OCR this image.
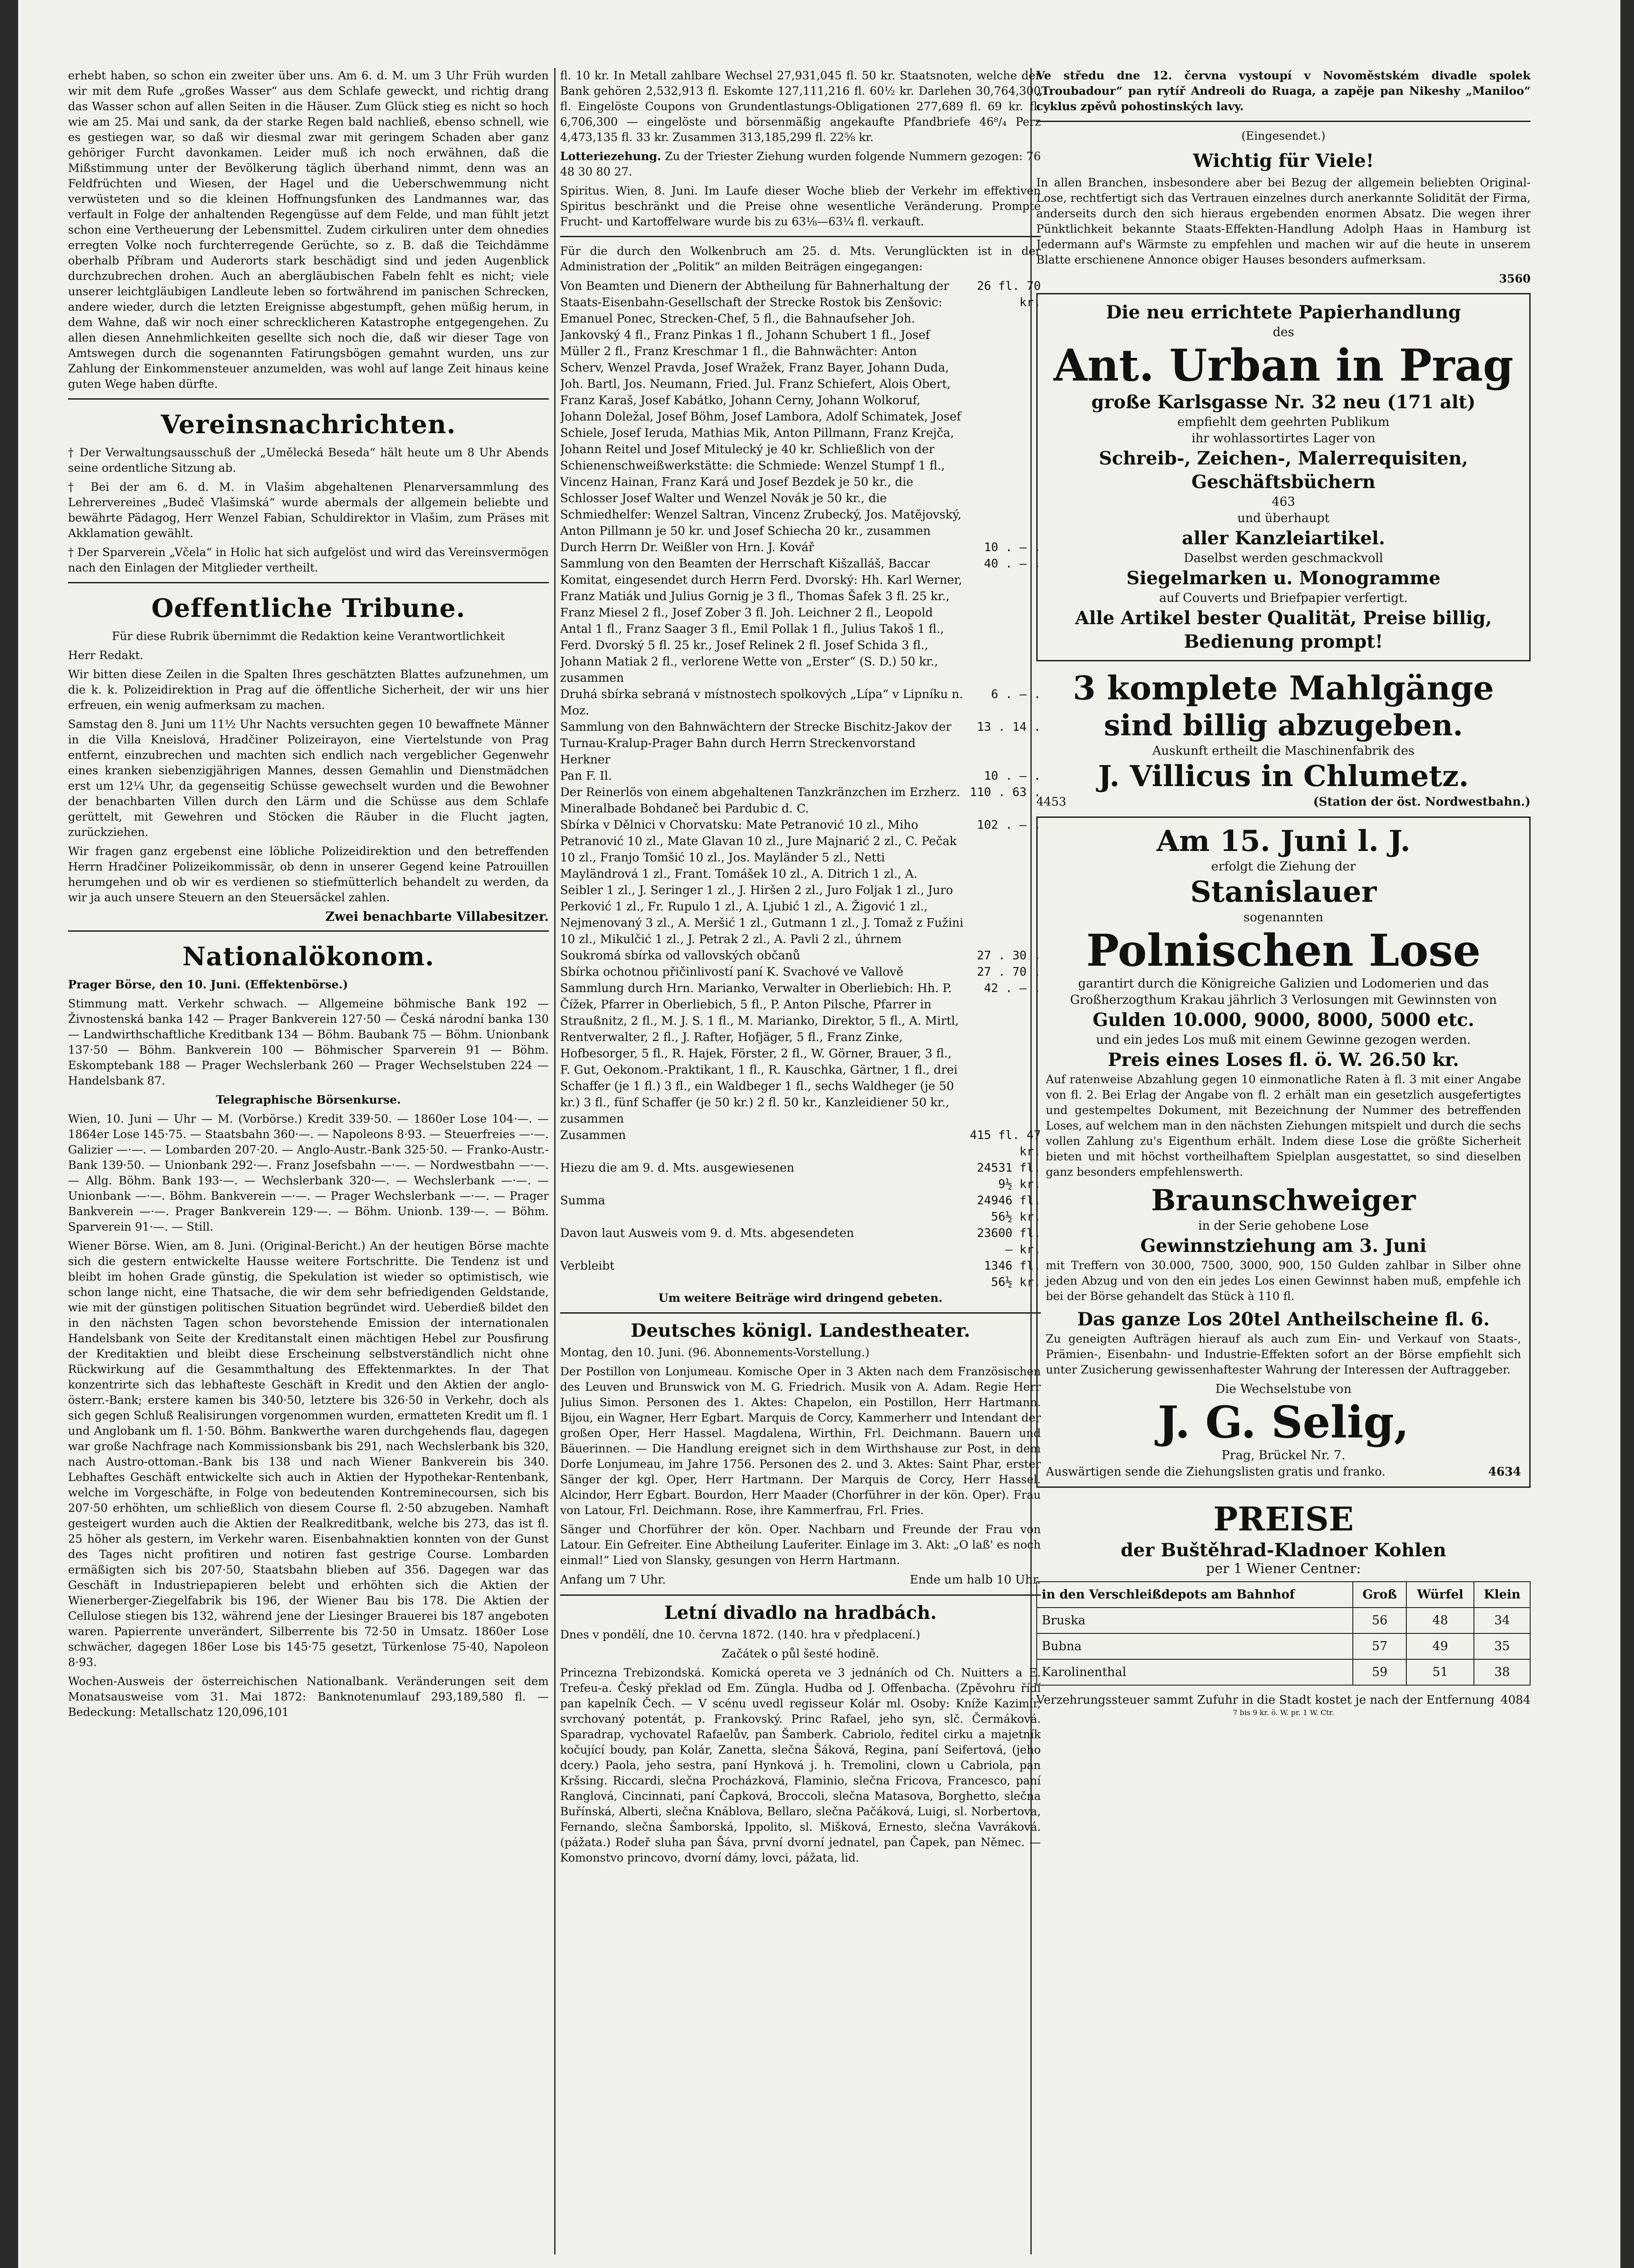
erhebt haben, so schon ein zweiter über uns. Am 6. d. M. um 3 Uhr Früh wurden wir mit dem Rufe „großes Wasser“ aus dem Schlafe geweckt, und richtig drang das Wasser schon auf allen Seiten in die Häuser. Zum Glück stieg es nicht so hoch wie am 25. Mai und sank, da der starke Regen bald nachließ, ebenso schnell, wie es gestiegen war, so daß wir diesmal zwar mit geringem Schaden aber ganz gehöriger Furcht davonkamen. Leider muß ich noch erwähnen, daß die Mißstimmung unter der Bevölkerung täglich überhand nimmt, denn was an Feldfrüchten und Wiesen, der Hagel und die Ueberschwemmung nicht verwüsteten und so die kleinen Hoffnungsfunken des Landmannes war, das verfault in Folge der anhaltenden Regengüsse auf dem Felde, und man fühlt jetzt schon eine Vertheuerung der Lebensmittel. Zudem cirkuliren unter dem ohnedies erregten Volke noch furchterregende Gerüchte, so z. B. daß die Teichdämme oberhalb Příbram und Auderorts stark beschädigt sind und jeden Augenblick durchzubrechen drohen. Auch an abergläubischen Fabeln fehlt es nicht; viele unserer leichtgläubigen Landleute leben so fortwährend im panischen Schrecken, andere wieder, durch die letzten Ereignisse abgestumpft, gehen müßig herum, in dem Wahne, daß wir noch einer schrecklicheren Katastrophe entgegengehen. Zu allen diesen Annehmlichkeiten gesellte sich noch die, daß wir dieser Tage von Amtswegen durch die sogenannten Fatirungsbögen gemahnt wurden, uns zur Zahlung der Einkommensteuer anzumelden, was wohl auf lange Zeit hinaus keine guten Wege haben dürfte.

Vereinsnachrichten.

† Der Verwaltungsausschuß der „Umělecká Beseda“ hält heute um 8 Uhr Abends seine ordentliche Sitzung ab.

† Bei der am 6. d. M. in Vlašim abgehaltenen Plenarversammlung des Lehrervereines „Budeč Vlašimská“ wurde abermals der allgemein beliebte und bewährte Pädagog, Herr Wenzel Fabian, Schuldirektor in Vlašim, zum Präses mit Akklamation gewählt.

† Der Sparverein „Včela“ in Holic hat sich aufgelöst und wird das Vereinsvermögen nach den Einlagen der Mitglieder vertheilt.

Oeffentliche Tribune.

Für diese Rubrik übernimmt die Redaktion keine Verantwortlichkeit

Herr Redakt.

Wir bitten diese Zeilen in die Spalten Ihres geschätzten Blattes aufzunehmen, um die k. k. Polizeidirektion in Prag auf die öffentliche Sicherheit, der wir uns hier erfreuen, ein wenig aufmerksam zu machen.

Samstag den 8. Juni um 11½ Uhr Nachts versuchten gegen 10 bewaffnete Männer in die Villa Kneislová, Hradčiner Polizeirayon, eine Viertelstunde von Prag entfernt, einzubrechen und machten sich endlich nach vergeblicher Gegenwehr eines kranken siebenzigjährigen Mannes, dessen Gemahlin und Dienstmädchen erst um 12¼ Uhr, da gegenseitig Schüsse gewechselt wurden und die Bewohner der benachbarten Villen durch den Lärm und die Schüsse aus dem Schlafe gerüttelt, mit Gewehren und Stöcken die Räuber in die Flucht jagten, zurückziehen.

Wir fragen ganz ergebenst eine löbliche Polizeidirektion und den betreffenden Herrn Hradčiner Polizeikommissär, ob denn in unserer Gegend keine Patrouillen herumgehen und ob wir es verdienen so stiefmütterlich behandelt zu werden, da wir ja auch unsere Steuern an den Steuersäckel zahlen.

Zwei benachbarte Villabesitzer.
Nationalökonom.

Prager Börse, den 10. Juni. (Effektenbörse.)

Stimmung matt. Verkehr schwach. — Allgemeine böhmische Bank 192 — Živnostenská banka 142 — Prager Bankverein 127·50 — Česká národní banka 130 — Landwirthschaftliche Kreditbank 134 — Böhm. Baubank 75 — Böhm. Unionbank 137·50 — Böhm. Bankverein 100 — Böhmischer Sparverein 91 — Böhm. Eskomptebank 188 — Prager Wechslerbank 260 — Prager Wechselstuben 224 — Handelsbank 87.

Telegraphische Börsenkurse.

Wien, 10. Juni — Uhr — M. (Vorbörse.) Kredit 339·50. — 1860er Lose 104·—. — 1864er Lose 145·75. — Staatsbahn 360·—. — Napoleons 8·93. — Steuerfreies —·—. Galizier —·—. — Lombarden 207·20. — Anglo-Austr.-Bank 325·50. — Franko-Austr.-Bank 139·50. — Unionbank 292·—. Franz Josefsbahn —·—. — Nordwestbahn —·—. — Allg. Böhm. Bank 193·—. — Wechslerbank 320·—. — Wechslerbank —·—. — Unionbank —·—. Böhm. Bankverein —·—. — Prager Wechslerbank —·—. — Prager Bankverein —·—. Prager Bankverein 129·—. — Böhm. Unionb. 139·—. — Böhm. Sparverein 91·—. — Still.

Wiener Börse. Wien, am 8. Juni. (Original-Bericht.) An der heutigen Börse machte sich die gestern entwickelte Hausse weitere Fortschritte. Die Tendenz ist und bleibt im hohen Grade günstig, die Spekulation ist wieder so optimistisch, wie schon lange nicht, eine Thatsache, die wir dem sehr befriedigenden Geldstande, wie mit der günstigen politischen Situation begründet wird. Ueberdieß bildet den in den nächsten Tagen schon bevorstehende Emission der internationalen Handelsbank von Seite der Kreditanstalt einen mächtigen Hebel zur Pousfirung der Kreditaktien und bleibt diese Erscheinung selbstverständlich nicht ohne Rückwirkung auf die Gesammthaltung des Effektenmarktes. In der That konzentrirte sich das lebhafteste Geschäft in Kredit und den Aktien der anglo-österr.-Bank; erstere kamen bis 340·50, letztere bis 326·50 in Verkehr, doch als sich gegen Schluß Realisirungen vorgenommen wurden, ermatteten Kredit um fl. 1 und Anglobank um fl. 1·50. Böhm. Bankwerthe waren durchgehends flau, dagegen war große Nachfrage nach Kommissionsbank bis 291, nach Wechslerbank bis 320, nach Austro-ottoman.-Bank bis 138 und nach Wiener Bankverein bis 340. Lebhaftes Geschäft entwickelte sich auch in Aktien der Hypothekar-Rentenbank, welche im Vorgeschäfte, in Folge von bedeutenden Kontreminecoursen, sich bis 207·50 erhöhten, um schließlich von diesem Course fl. 2·50 abzugeben. Namhaft gesteigert wurden auch die Aktien der Realkreditbank, welche bis 273, das ist fl. 25 höher als gestern, im Verkehr waren. Eisenbahnaktien konnten von der Gunst des Tages nicht profitiren und notiren fast gestrige Course. Lombarden ermäßigten sich bis 207·50, Staatsbahn blieben auf 356. Dagegen war das Geschäft in Industriepapieren belebt und erhöhten sich die Aktien der Wienerberger-Ziegelfabrik bis 196, der Wiener Bau bis 178. Die Aktien der Cellulose stiegen bis 132, während jene der Liesinger Brauerei bis 187 angeboten waren. Papierrente unverändert, Silberrente bis 72·50 in Umsatz. 1860er Lose schwächer, dagegen 186er Lose bis 145·75 gesetzt, Türkenlose 75·40, Napoleon 8·93.

Wochen-Ausweis der österreichischen Nationalbank. Veränderungen seit dem Monatsausweise vom 31. Mai 1872: Banknotenumlauf 293,189,580 fl. — Bedeckung: Metallschatz 120,096,101

fl. 10 kr. In Metall zahlbare Wechsel 27,931,045 fl. 50 kr. Staatsnoten, welche der Bank gehören 2,532,913 fl. Eskomte 127,111,216 fl. 60½ kr. Darlehen 30,764,300 fl. Eingelöste Coupons von Grundentlastungs-Obligationen 277,689 fl. 69 kr. fl. 6,706,300 — eingelöste und börsenmäßig angekaufte Pfandbriefe 46⁸/₄ Perz 4,473,135 fl. 33 kr. Zusammen 313,185,299 fl. 22⅝ kr.

Lotteriezehung. Zu der Triester Ziehung wurden folgende Nummern gezogen: 76 48 30 80 27.

Spiritus. Wien, 8. Juni. Im Laufe dieser Woche blieb der Verkehr im effektiven Spiritus beschränkt und die Preise ohne wesentliche Veränderung. Prompte Frucht- und Kartoffelware wurde bis zu 63⅛—63¼ fl. verkauft.

Für die durch den Wolkenbruch am 25. d. Mts. Verunglückten ist in der Administration der „Politik“ an milden Beiträgen eingegangen:

Von Beamten und Dienern der Abtheilung für Bahnerhaltung der Staats-Eisenbahn-Gesellschaft der Strecke Rostok bis Zenšovic: Emanuel Ponec, Strecken-Chef, 5 fl., die Bahnaufseher Joh. Jankovský 4 fl., Franz Pinkas 1 fl., Johann Schubert 1 fl., Josef Müller 2 fl., Franz Kreschmar 1 fl., die Bahnwächter: Anton Scherv, Wenzel Pravda, Josef Wražek, Franz Bayer, Johann Duda, Joh. Bartl, Jos. Neumann, Fried. Jul. Franz Schiefert, Alois Obert, Franz Karaš, Josef Kabátko, Johann Cerny, Johann Wolkoruf, Johann Doležal, Josef Böhm, Josef Lambora, Adolf Schimatek, Josef Schiele, Josef Ieruda, Mathias Mik, Anton Pillmann, Franz Krejča, Johann Reitel und Josef Mitulecký je 40 kr. Schließlich von der Schienenschweißwerkstätte: die Schmiede: Wenzel Stumpf 1 fl., Vincenz Hainan, Franz Kará und Josef Bezdek je 50 kr., die Schlosser Josef Walter und Wenzel Novák je 50 kr., die Schmiedhelfer: Wenzel Saltran, Vincenz Zrubecký, Jos. Matějovský, Anton Pillmann je 50 kr. und Josef Schiecha 20 kr., zusammen
26 fl. 70 kr.
Durch Herrn Dr. Weißler von Hrn. J. Kovář	10 . — .
Sammlung von den Beamten der Herrschaft Kišzalláš, Baccar Komitat, eingesendet durch Herrn Ferd. Dvorský: Hh. Karl Werner, Franz Matiák und Julius Gornig je 3 fl., Thomas Šafek 3 fl. 25 kr., Franz Miesel 2 fl., Josef Zober 3 fl. Joh. Leichner 2 fl., Leopold Antal 1 fl., Franz Saager 3 fl., Emil Pollak 1 fl., Julius Takoš 1 fl., Ferd. Dvorský 5 fl. 25 kr., Josef Relinek 2 fl. Josef Schida 3 fl., Johann Matiak 2 fl., verlorene Wette von „Erster“ (S. D.) 50 kr., zusammen
40 . — .
Druhá sbírka sebraná v místnostech spolkových „Lípa“ v Lipníku n. Moz.
6 . — .
Sammlung von den Bahnwächtern der Strecke Bischitz-Jakov der Turnau-Kralup-Prager Bahn durch Herrn Streckenvorstand Herkner
13 . 14 .
Pan F. Il.	10 . — .
Der Reinerlös von einem abgehaltenen Tanzkränzchen im Erzherz. Mineralbade Bohdaneč bei Pardubic d. C.
110 . 63 .
Sbírka v Dělnici v Chorvatsku: Mate Petranović 10 zl., Miho Petranović 10 zl., Mate Glavan 10 zl., Jure Majnarić 2 zl., C. Pečak 10 zl., Franjo Tomšić 10 zl., Jos. Mayländer 5 zl., Netti Mayländrová 1 zl., Frant. Tomášek 10 zl., A. Ditrich 1 zl., A. Seibler 1 zl., J. Seringer 1 zl., J. Hiršen 2 zl., Juro Foljak 1 zl., Juro Perković 1 zl., Fr. Rupulo 1 zl., A. Ljubić 1 zl., A. Žigović 1 zl., Nejmenovaný 3 zl., A. Meršić 1 zl., Gutmann 1 zl., J. Tomaž z Fužini 10 zl., Mikulčić 1 zl., J. Petrak 2 zl., A. Pavli 2 zl., úhrnem
102 . — .
Soukromá sbírka od vallovských občanů	27 . 30 .
Sbírka ochotnou přičinlivostí paní K. Svachové ve Vallově	27 . 70 .
Sammlung durch Hrn. Marianko, Verwalter in Oberliebich: Hh. P. Čížek, Pfarrer in Oberliebich, 5 fl., P. Anton Pilsche, Pfarrer in Straußnitz, 2 fl., M. J. S. 1 fl., M. Marianko, Direktor, 5 fl., A. Mirtl, Rentverwalter, 2 fl., J. Rafter, Hofjäger, 5 fl., Franz Zinke, Hofbesorger, 5 fl., R. Hajek, Förster, 2 fl., W. Görner, Brauer, 3 fl., F. Gut, Oekonom.-Praktikant, 1 fl., R. Kauschka, Gärtner, 1 fl., drei Schaffer (je 1 fl.) 3 fl., ein Waldbeger 1 fl., sechs Waldheger (je 50 kr.) 3 fl., fünf Schaffer (je 50 kr.) 2 fl. 50 kr., Kanzleidiener 50 kr., zusammen
42 . — .
Zusammen	415 fl. 47 kr.
Hiezu die am 9. d. Mts. ausgewiesenen	24531 fl. 9½ kr.
Summa	24946 fl. 56½ kr.
Davon laut Ausweis vom 9. d. Mts. abgesendeten	23600 fl. — kr.
Verbleibt	1346 fl. 56½ kr.

Um weitere Beiträge wird dringend gebeten.

Deutsches königl. Landestheater.

Montag, den 10. Juni. (96. Abonnements-Vorstellung.)

Der Postillon von Lonjumeau. Komische Oper in 3 Akten nach dem Französischen des Leuven und Brunswick von M. G. Friedrich. Musik von A. Adam. Regie Herr Julius Simon. Personen des 1. Aktes: Chapelon, ein Postillon, Herr Hartmann. Bijou, ein Wagner, Herr Egbart. Marquis de Corcy, Kammerherr und Intendant der großen Oper, Herr Hassel. Magdalena, Wirthin, Frl. Deichmann. Bauern und Bäuerinnen. — Die Handlung ereignet sich in dem Wirthshause zur Post, in dem Dorfe Lonjumeau, im Jahre 1756. Personen des 2. und 3. Aktes: Saint Phar, erster Sänger der kgl. Oper, Herr Hartmann. Der Marquis de Corcy, Herr Hassel. Alcindor, Herr Egbart. Bourdon, Herr Maader (Chorführer in der kön. Oper). Frau von Latour, Frl. Deichmann. Rose, ihre Kammerfrau, Frl. Fries.

Sänger und Chorführer der kön. Oper. Nachbarn und Freunde der Frau von Latour. Ein Gefreiter. Eine Abtheilung Lauferiter. Einlage im 3. Akt: „O laß' es noch einmal!“ Lied von Slansky, gesungen von Herrn Hartmann.

Anfang um 7 Uhr.	Ende um halb 10 Uhr.
Letní divadlo na hradbách.

Dnes v pondělí, dne 10. června 1872. (140. hra v předplacení.)

Začátek o půl šesté hodině.

Princezna Trebizondská. Komická opereta ve 3 jednáních od Ch. Nuitters a E. Trefeu-a. Český překlad od Em. Züngla. Hudba od J. Offenbacha. (Zpěvohru řídí pan kapelník Čech. — V scénu uvedl regisseur Kolár ml. Osoby: Kníže Kazimír, svrchovaný potentát, p. Frankovský. Princ Rafael, jeho syn, slč. Čermáková. Sparadrap, vychovatel Rafaelův, pan Šamberk. Cabriolo, ředitel cirku a majetník kočující boudy, pan Kolár, Zanetta, slečna Šáková, Regina, paní Seifertová, (jeho dcery.) Paola, jeho sestra, paní Hynková j. h. Tremolini, clown u Cabriola, pan Kršsing. Riccardi, slečna Procházková, Flaminio, slečna Fricova, Francesco, paní Ranglová, Cincinnati, paní Čapková, Broccoli, slečna Matasova, Borghetto, slečna Buřínská, Alberti, slečna Knáblova, Bellaro, slečna Pačáková, Luigi, sl. Norbertova, Fernando, slečna Šamborská, Ippolito, sl. Mišková, Ernesto, slečna Vavráková. (pážata.) Rodeř sluha pan Šáva, první dvorní jednatel, pan Čapek, pan Němec. — Komonstvo princovo, dvorní dámy, lovci, pážata, lid.

Ve středu dne 12. června vystoupí v Novoměstském divadle spolek „Troubadour“ pan rytíř Andreoli do Ruaga, a zapěje pan Nikeshy „Maniloo“ cyklus zpěvů pohostinských lavy.

(Eingesendet.)

Wichtig für Viele!

In allen Branchen, insbesondere aber bei Bezug der allgemein beliebten Original-Lose, rechtfertigt sich das Vertrauen einzelnes durch anerkannte Solidität der Firma, anderseits durch den sich hieraus ergebenden enormen Absatz. Die wegen ihrer Pünktlichkeit bekannte Staats-Effekten-Handlung Adolph Haas in Hamburg ist Jedermann auf's Wärmste zu empfehlen und machen wir auf die heute in unserem Blatte erschienene Annonce obiger Hauses besonders aufmerksam.

3560

Die neu errichtete Papierhandlung
des
Ant. Urban in Prag
große Karlsgasse Nr. 32 neu (171 alt)
empfiehlt dem geehrten Publikum
ihr wohlassortirtes Lager von
Schreib-, Zeichen-, Malerrequisiten,
Geschäftsbüchern
463
und überhaupt
aller Kanzleiartikel.
Daselbst werden geschmackvoll
Siegelmarken u. Monogramme
auf Couverts und Briefpapier verfertigt.
Alle Artikel bester Qualität, Preise billig, Bedienung prompt!
3 komplete Mahlgänge
sind billig abzugeben.
Auskunft ertheilt die Maschinenfabrik des
J. Villicus in Chlumetz.
4453	(Station der öst. Nordwestbahn.)
Am 15. Juni l. J.
erfolgt die Ziehung der
Stanislauer
sogenannten
Polnischen Lose
garantirt durch die Königreiche Galizien und Lodomerien und das Großherzogthum Krakau jährlich 3 Verlosungen mit Gewinnsten von
Gulden 10.000, 9000, 8000, 5000 etc.
und ein jedes Los muß mit einem Gewinne gezogen werden.
Preis eines Loses fl. ö. W. 26.50 kr.

Auf ratenweise Abzahlung gegen 10 einmonatliche Raten à fl. 3 mit einer Angabe von fl. 2. Bei Erlag der Angabe von fl. 2 erhält man ein gesetzlich ausgefertigtes und gestempeltes Dokument, mit Bezeichnung der Nummer des betreffenden Loses, auf welchem man in den nächsten Ziehungen mitspielt und durch die sechs vollen Zahlung zu's Eigenthum erhält. Indem diese Lose die größte Sicherheit bieten und mit höchst vortheilhaftem Spielplan ausgestattet, so sind dieselben ganz besonders empfehlenswerth.

Braunschweiger
in der Serie gehobene Lose
Gewinnstziehung am 3. Juni

mit Treffern von 30.000, 7500, 3000, 900, 150 Gulden zahlbar in Silber ohne jeden Abzug und von den ein jedes Los einen Gewinnst haben muß, empfehle ich bei der Börse gehandelt das Stück à 110 fl.

Das ganze Los 20tel Antheilscheine fl. 6.

Zu geneigten Aufträgen hierauf als auch zum Ein- und Verkauf von Staats-, Prämien-, Eisenbahn- und Industrie-Effekten sofort an der Börse empfiehlt sich unter Zusicherung gewissenhaftester Wahrung der Interessen der Auftraggeber.

Die Wechselstube von
J. G. Selig,
Prag, Brückel Nr. 7.
Auswärtigen sende die Ziehungslisten gratis und franko.	4634
PREISE
der Buštěhrad-Kladnoer Kohlen
per 1 Wiener Centner:
in den Verschleißdepots am Bahnhof	Groß	Würfel	Klein
Bruska	56	48	34
Bubna	57	49	35
Karolinenthal	59	51	38
Verzehrungssteuer sammt Zufuhr in die Stadt kostet je nach der Entfernung 4084
7 bis 9 kr. ö. W. pr. 1 W. Ctr.
